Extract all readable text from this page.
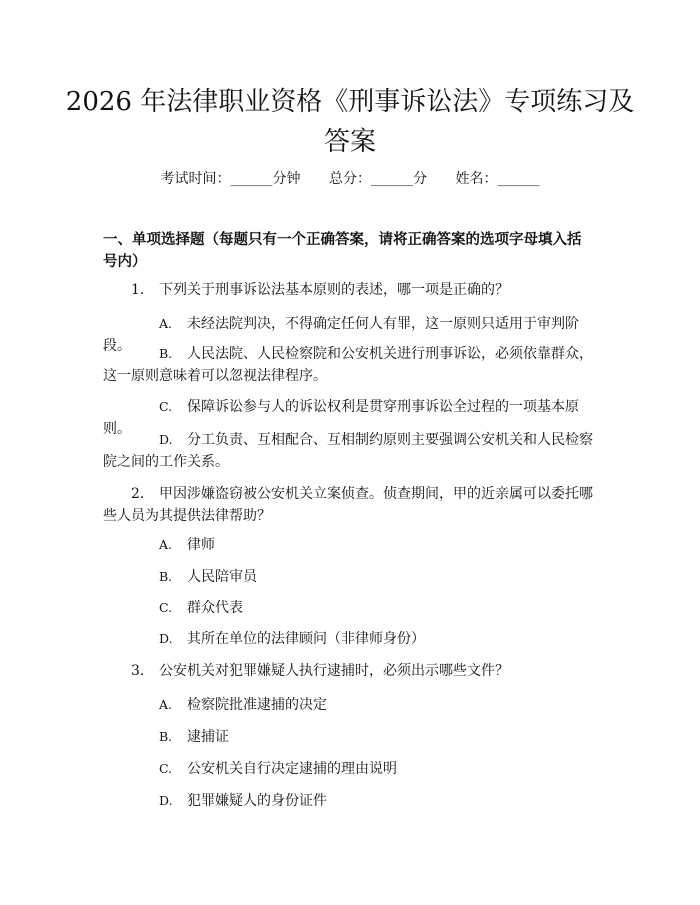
2026 年法律职业资格《刑事诉讼法》专项练习及答案
考试时间：______分钟 总分：______分 姓名：______
一、单项选择题（每题只有一个正确答案，请将正确答案的选项字母填入括号内）
1. 下列关于刑事诉讼法基本原则的表述，哪一项是正确的？
A. 未经法院判决，不得确定任何人有罪，这一原则只适用于审判阶段。	B. 人民法院、人民检察院和公安机关进行刑事诉讼，必须依靠群众，这一原则意味着可以忽视法律程序。
C. 保障诉讼参与人的诉讼权利是贯穿刑事诉讼全过程的一项基本原则。
D. 分工负责、互相配合、互相制约原则主要强调公安机关和人民检察院之间的工作关系。
2. 甲因涉嫌盗窃被公安机关立案侦查。侦查期间，甲的近亲属可以委托哪些人员为其提供法律帮助？
A. 律师
B. 人民陪审员
C. 群众代表
D. 其所在单位的法律顾问（非律师身份）
3. 公安机关对犯罪嫌疑人执行逮捕时，必须出示哪些文件？
A. 检察院批准逮捕的决定
B. 逮捕证
C. 公安机关自行决定逮捕的理由说明
D. 犯罪嫌疑人的身份证件
